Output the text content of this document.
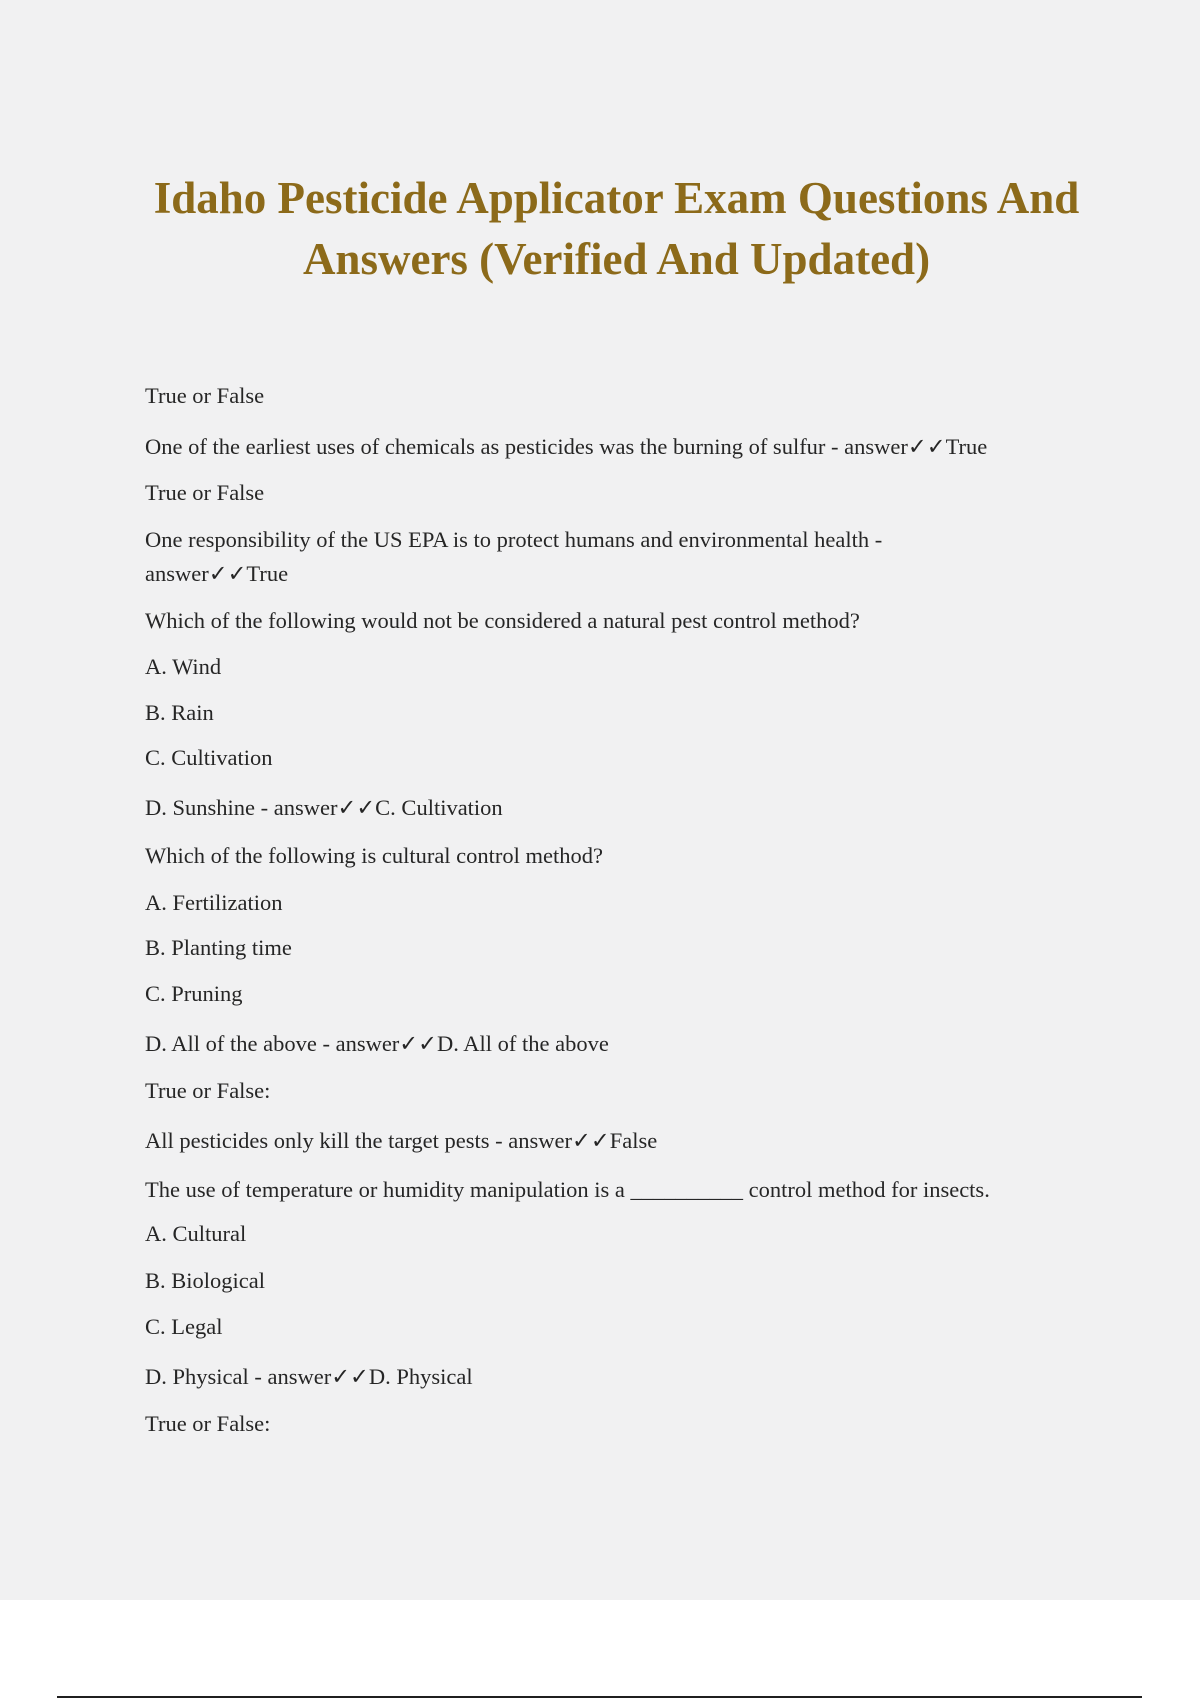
Idaho Pesticide Applicator Exam Questions And Answers (Verified And Updated)

True or False

One of the earliest uses of chemicals as pesticides was the burning of sulfur - answer✓✓True

True or False

One responsibility of the US EPA is to protect humans and environmental health - answer✓✓True

Which of the following would not be considered a natural pest control method?

A. Wind

B. Rain

C. Cultivation

D. Sunshine - answer✓✓C. Cultivation

Which of the following is cultural control method?

A. Fertilization

B. Planting time

C. Pruning

D. All of the above - answer✓✓D. All of the above

True or False:

All pesticides only kill the target pests - answer✓✓False

The use of temperature or humidity manipulation is a __________ control method for insects.

A. Cultural

B. Biological

C. Legal

D. Physical - answer✓✓D. Physical

True or False:
